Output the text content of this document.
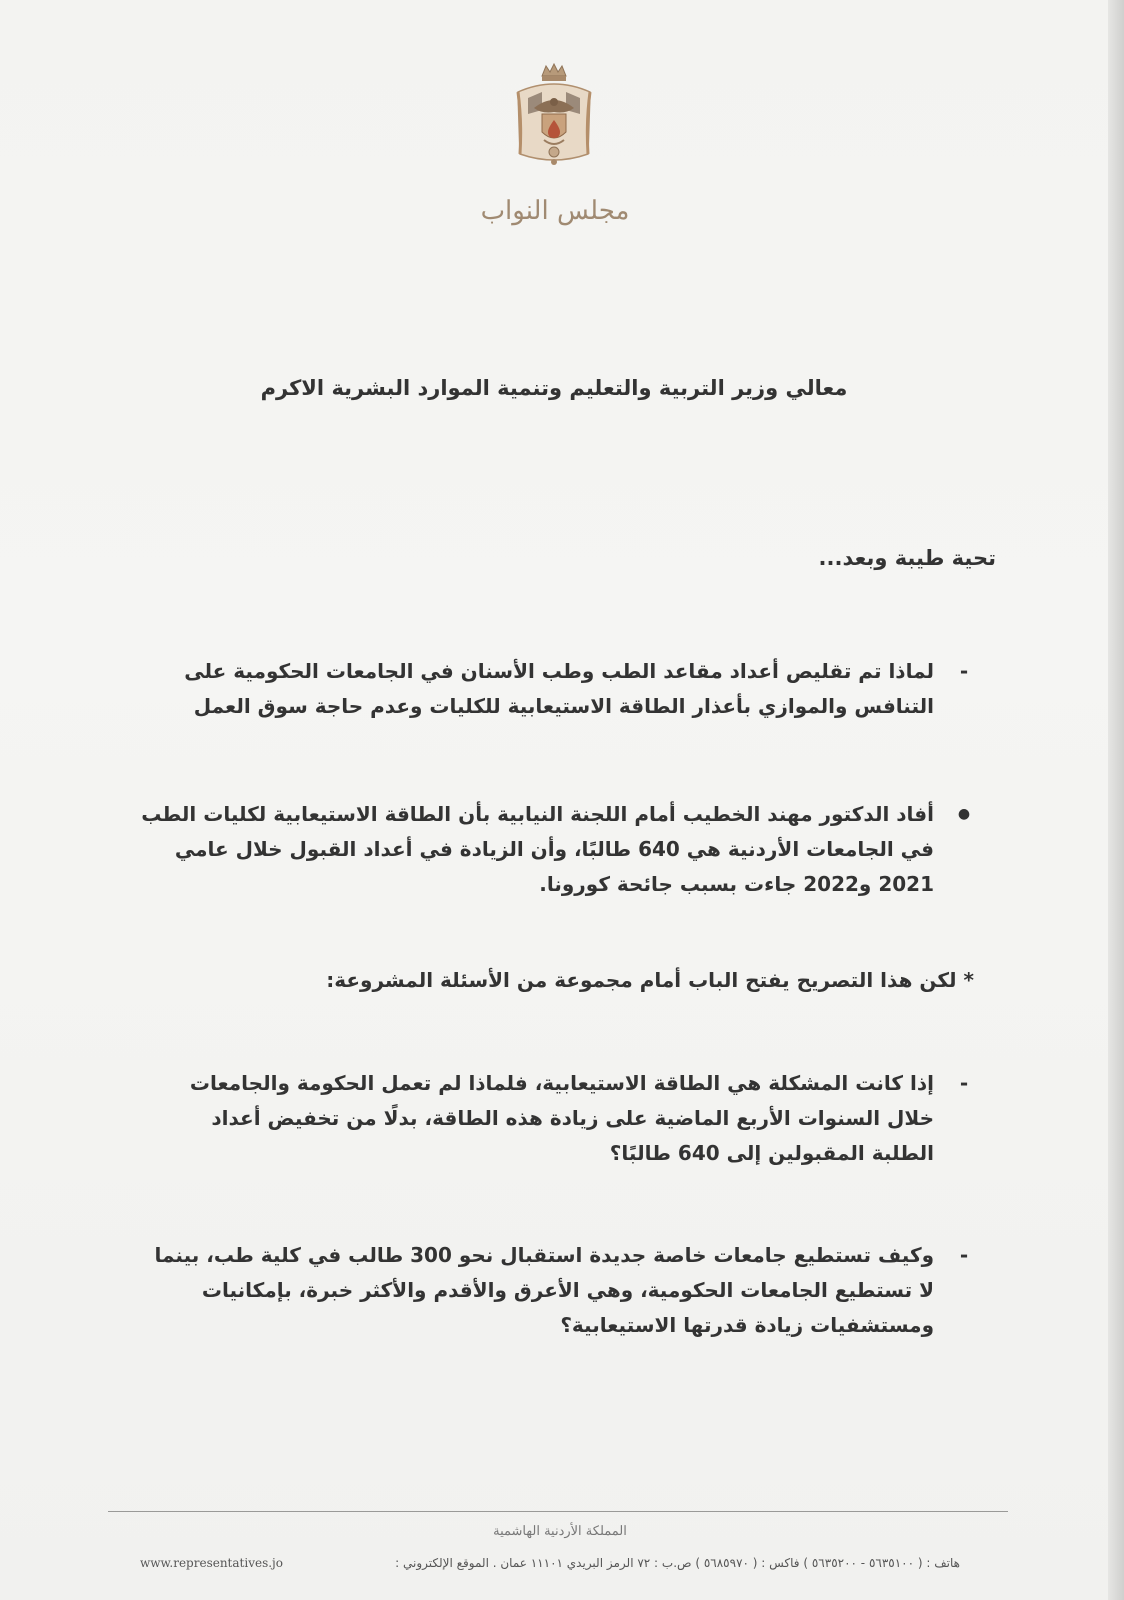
مجلس النواب

معالي وزير التربية والتعليم وتنمية الموارد البشرية الاكرم

تحية طيبة وبعد...

-
لماذا تم تقليص أعداد مقاعد الطب وطب الأسنان في الجامعات الحكومية على التنافس والموازي بأعذار الطاقة الاستيعابية للكليات وعدم حاجة سوق العمل
●
أفاد الدكتور مهند الخطيب أمام اللجنة النيابية بأن الطاقة الاستيعابية لكليات الطب في الجامعات الأردنية هي 640 طالبًا، وأن الزيادة في أعداد القبول خلال عامي 2021 و2022 جاءت بسبب جائحة كورونا.
* لكن هذا التصريح يفتح الباب أمام مجموعة من الأسئلة المشروعة:
-
إذا كانت المشكلة هي الطاقة الاستيعابية، فلماذا لم تعمل الحكومة والجامعات خلال السنوات الأربع الماضية على زيادة هذه الطاقة، بدلًا من تخفيض أعداد الطلبة المقبولين إلى 640 طالبًا؟
-
وكيف تستطيع جامعات خاصة جديدة استقبال نحو 300 طالب في كلية طب، بينما لا تستطيع الجامعات الحكومية، وهي الأعرق والأقدم والأكثر خبرة، بإمكانيات ومستشفيات زيادة قدرتها الاستيعابية؟
المملكة الأردنية الهاشمية
هاتف : ( ٥٦٣٥١٠٠ - ٥٦٣٥٢٠٠ ) فاكس : ( ٥٦٨٥٩٧٠ ) ص.ب : ٧٢ الرمز البريدي ١١١٠١ عمان . الموقع الإلكتروني :
www.representatives.jo
